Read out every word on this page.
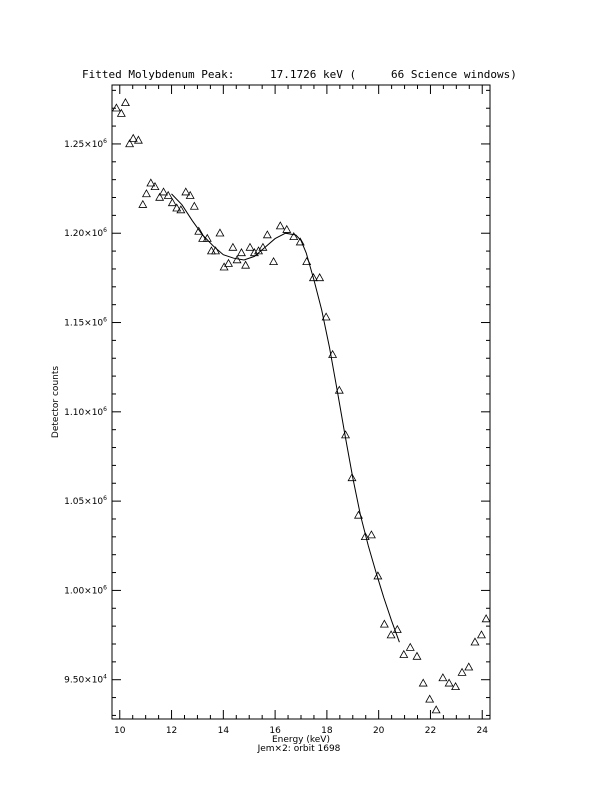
Fitted Molybdenum Peak:	17.1726 keV (	66 Science windows)
10	12	14	16	18	20	22	24
$9.50\times 10^4$
$1.00\times 10^6$
$1.05\times 10^6$
$1.10\times 10^6$
$1.15\times 10^6$
$1.20\times 10^6$
$1.25\times 10^6$
Detector counts
Energy (keV)
Jem×2: orbit 1698
